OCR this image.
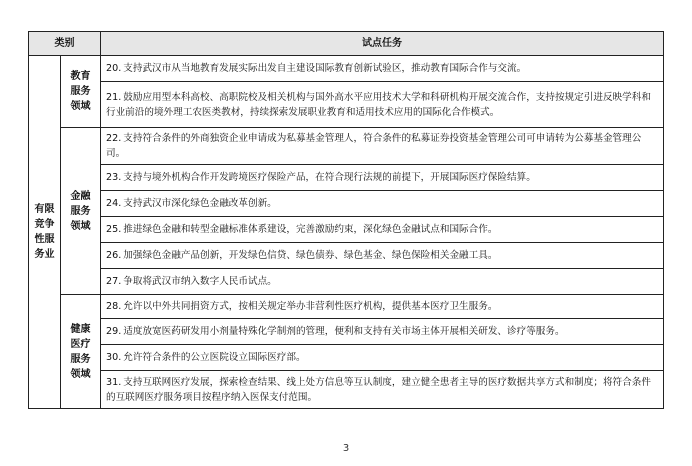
类别		试点任务
有限竞争性服务业	教育服务领域	20. 支持武汉市从当地教育发展实际出发自主建设国际教育创新试验区，推动教育国际合作与交流。
		21. 鼓励应用型本科高校、高职院校及相关机构与国外高水平应用技术大学和科研机构开展交流合作，支持按规定引进反映学科和行业前沿的境外理工农医类教材，持续探索发展职业教育和适用技术应用的国际化合作模式。
	金融服务领域	22. 支持符合条件的外商独资企业申请成为私募基金管理人，符合条件的私募证券投资基金管理公司可申请转为公募基金管理公司。
		23. 支持与境外机构合作开发跨境医疗保险产品，在符合现行法规的前提下，开展国际医疗保险结算。
		24. 支持武汉市深化绿色金融改革创新。
		25. 推进绿色金融和转型金融标准体系建设，完善激励约束，深化绿色金融试点和国际合作。
		26. 加强绿色金融产品创新，开发绿色信贷、绿色债券、绿色基金、绿色保险相关金融工具。
		27. 争取将武汉市纳入数字人民币试点。
	健康医疗服务领域	28. 允许以中外共同捐资方式，按相关规定举办非营利性医疗机构，提供基本医疗卫生服务。
		29. 适度放宽医药研发用小剂量特殊化学制剂的管理，便利和支持有关市场主体开展相关研发、诊疗等服务。
		30. 允许符合条件的公立医院设立国际医疗部。
		31. 支持互联网医疗发展，探索检查结果、线上处方信息等互认制度，建立健全患者主导的医疗数据共享方式和制度；将符合条件的互联网医疗服务项目按程序纳入医保支付范围。
3
